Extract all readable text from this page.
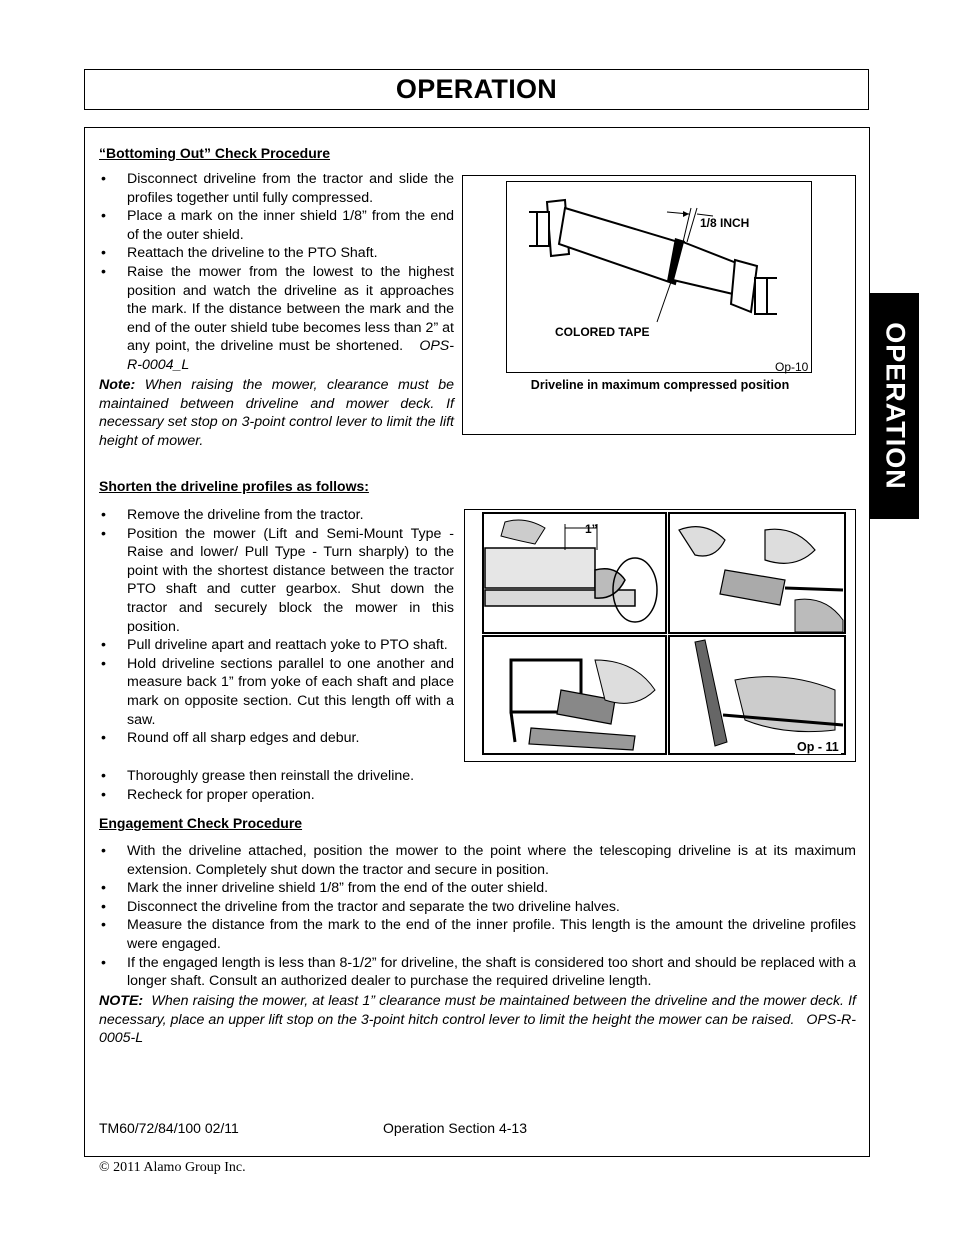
OPERATION
OPERATION
“Bottoming Out” Check Procedure
• Disconnect driveline from the tractor and slide the profiles together until fully compressed.
• Place a mark on the inner shield 1/8” from the end of the outer shield.
• Reattach the driveline to the PTO Shaft.
• Raise the mower from the lowest to the highest position and watch the driveline as it approaches the mark. If the distance between the mark and the end of the outer shield tube becomes less than 2” at any point, the driveline must be shortened. OPS-R-0004_L
Note: When raising the mower, clearance must be maintained between driveline and mower deck. If necessary set stop on 3-point control lever to limit the lift height of mower.
1/8 INCH
COLORED TAPE
Op-10
Driveline in maximum compressed position
Shorten the driveline profiles as follows:
• Remove the driveline from the tractor.
• Position the mower (Lift and Semi-Mount Type - Raise and lower/ Pull Type - Turn sharply) to the point with the shortest distance between the tractor PTO shaft and cutter gearbox. Shut down the tractor and securely block the mower in this position.
• Pull driveline apart and reattach yoke to PTO shaft.
• Hold driveline sections parallel to one another and measure back 1” from yoke of each shaft and place mark on opposite section. Cut this length off with a saw.
• Round off all sharp edges and debur.
• Thoroughly grease then reinstall the driveline.
• Recheck for proper operation.
1”
Op - 11
Engagement Check Procedure
• With the driveline attached, position the mower to the point where the telescoping driveline is at its maximum extension. Completely shut down the tractor and secure in position.
• Mark the inner driveline shield 1/8” from the end of the outer shield.
• Disconnect the driveline from the tractor and separate the two driveline halves.
• Measure the distance from the mark to the end of the inner profile. This length is the amount the driveline profiles were engaged.
• If the engaged length is less than 8-1/2” for driveline, the shaft is considered too short and should be replaced with a longer shaft. Consult an authorized dealer to purchase the required driveline length.
NOTE: When raising the mower, at least 1” clearance must be maintained between the driveline and the mower deck. If necessary, place an upper lift stop on the 3-point hitch control lever to limit the height the mower can be raised. OPS-R-0005-L
TM60/72/84/100 02/11	Operation Section 4-13
© 2011 Alamo Group Inc.
